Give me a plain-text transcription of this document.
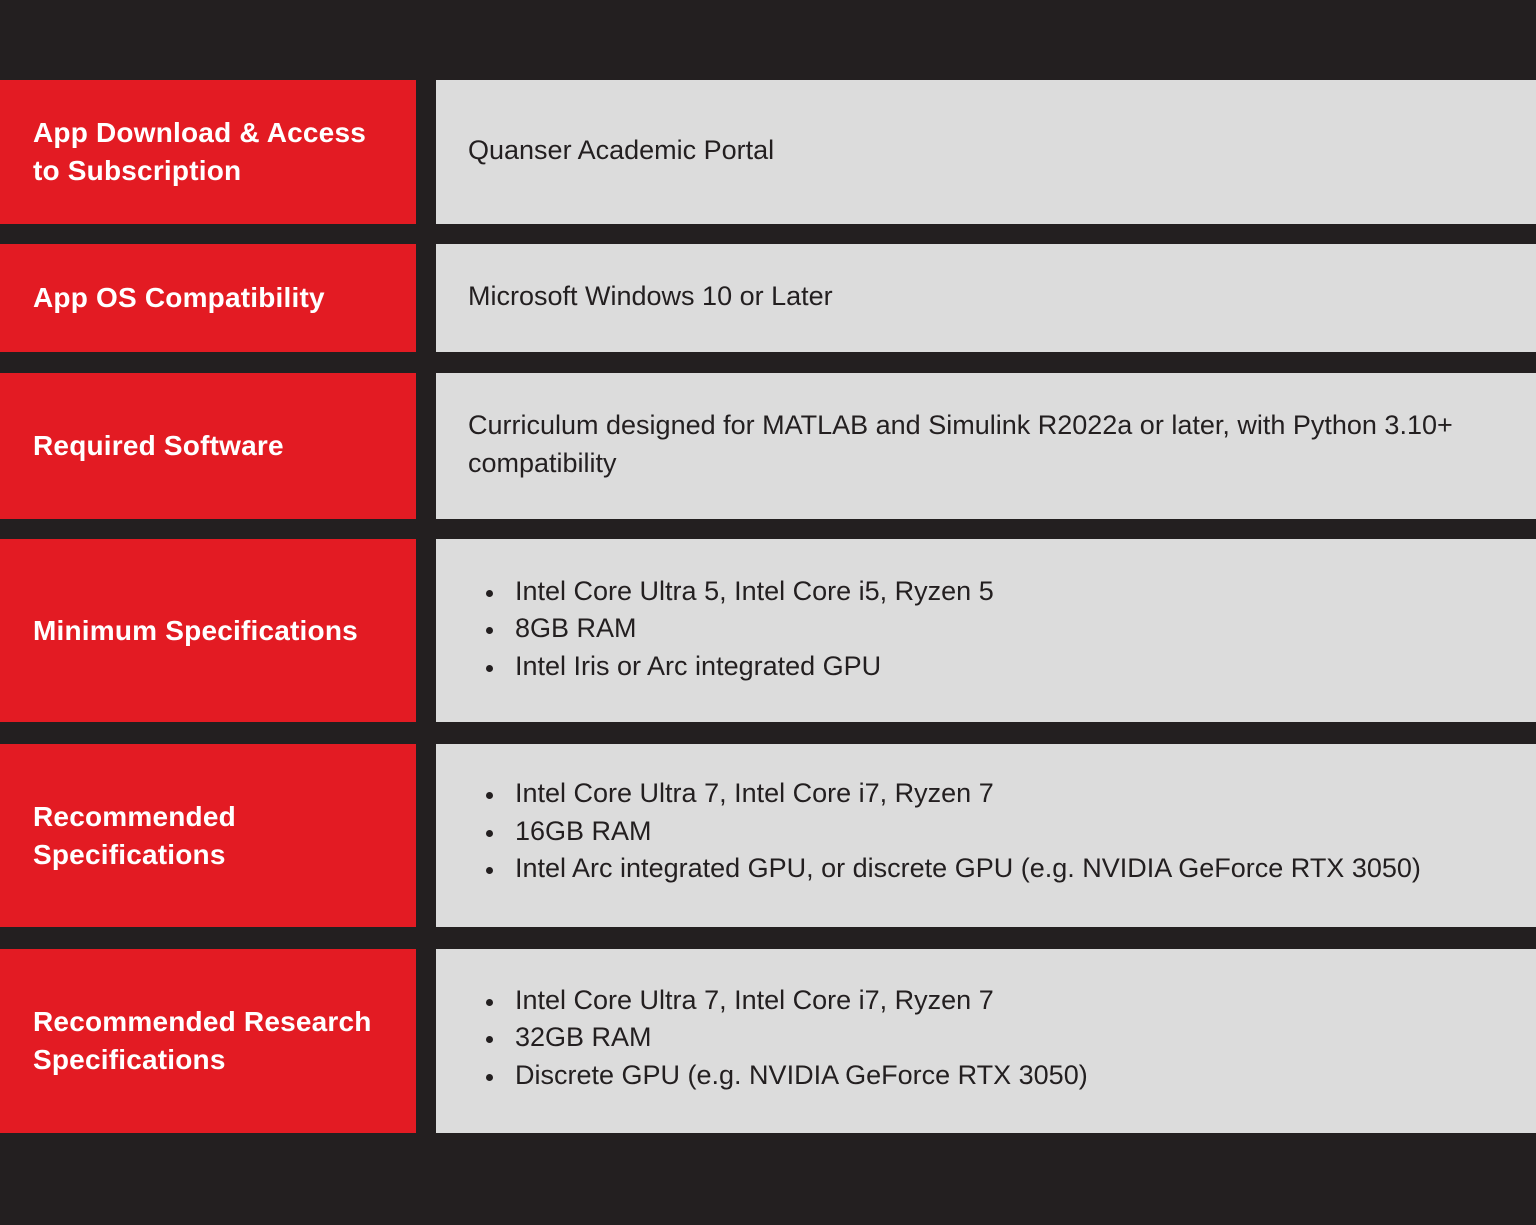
App Download & Access to Subscription
Quanser Academic Portal
App OS Compatibility	Microsoft Windows 10 or Later
Required Software
Curriculum designed for MATLAB and Simulink R2022a or later, with Python 3.10+ compatibility
Minimum Specifications
Intel Core Ultra 5, Intel Core i5, Ryzen 5
8GB RAM
Intel Iris or Arc integrated GPU
Recommended Specifications
Intel Core Ultra 7, Intel Core i7, Ryzen 7
16GB RAM
Intel Arc integrated GPU, or discrete GPU (e.g. NVIDIA GeForce RTX 3050)
Recommended Research Specifications
Intel Core Ultra 7, Intel Core i7, Ryzen 7
32GB RAM
Discrete GPU (e.g. NVIDIA GeForce RTX 3050)
